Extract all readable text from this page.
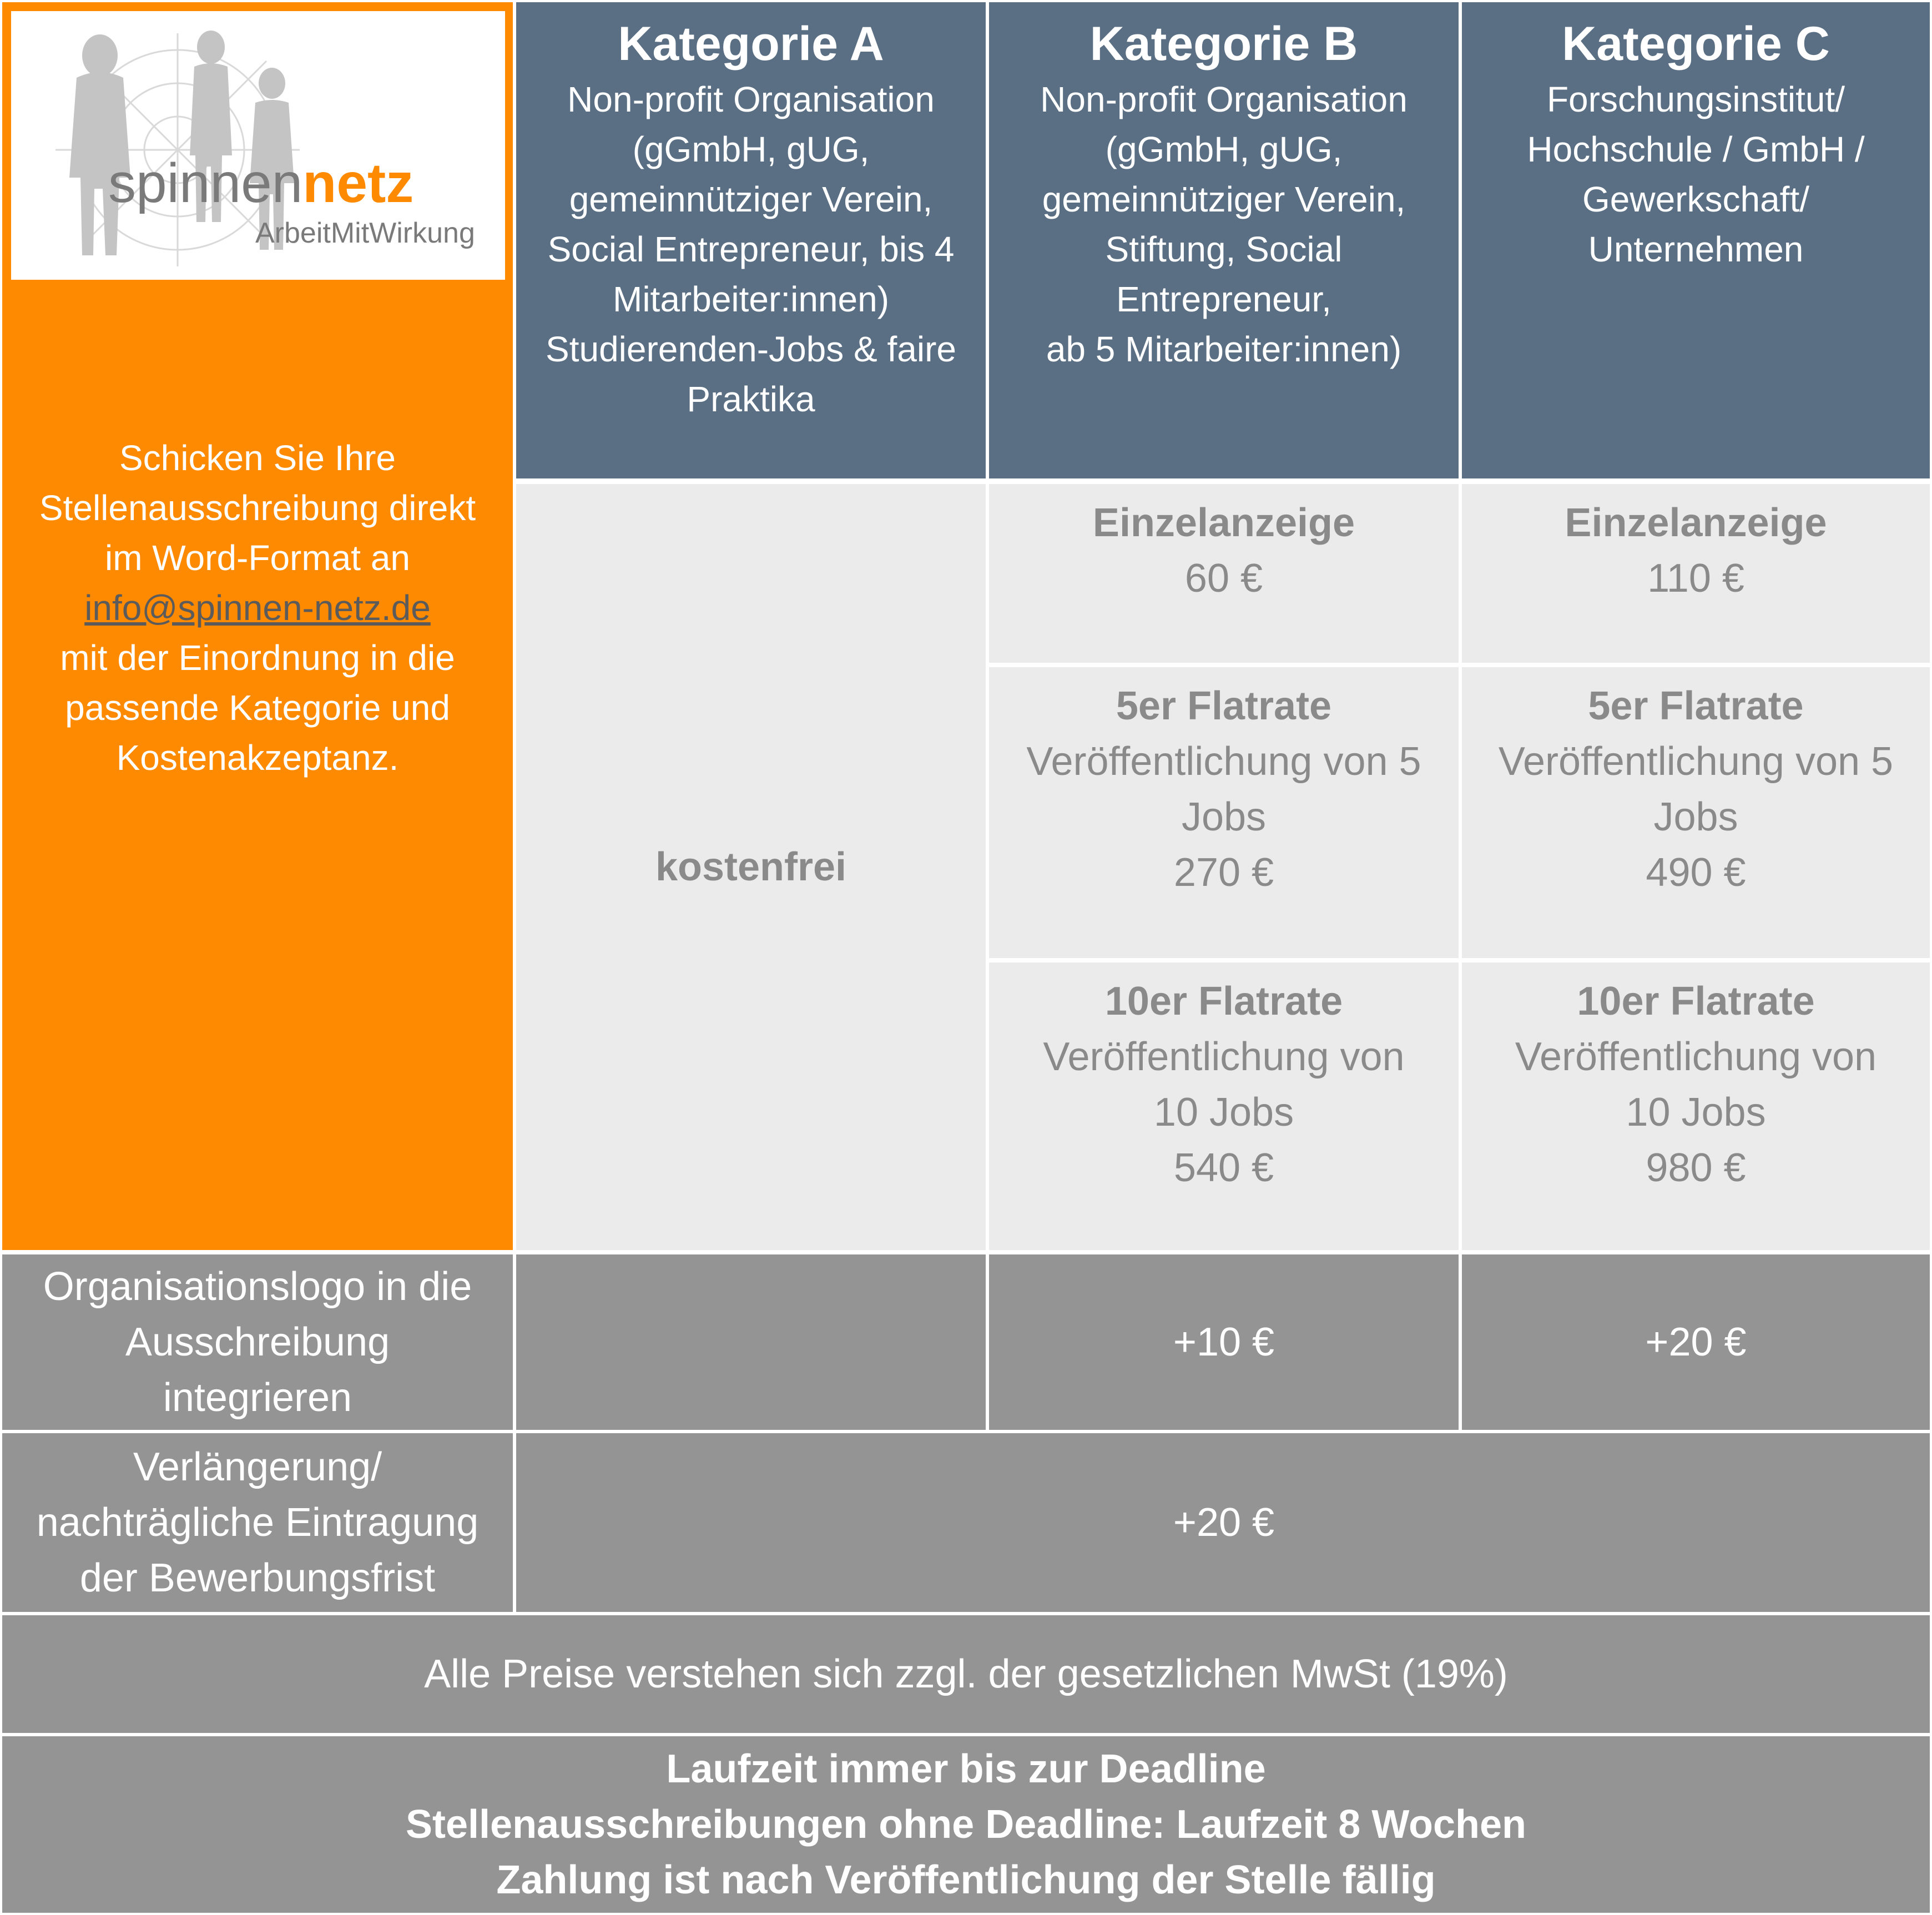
spinnennetz
ArbeitMitWirkung
Schicken Sie Ihre
Stellenausschreibung direkt
im Word-Format an
info@spinnen-netz.de
mit der Einordnung in die
passende Kategorie und
Kostenakzeptanz.
Kategorie A
Non-profit Organisation
(gGmbH, gUG,
gemeinnütziger Verein,
Social Entrepreneur, bis 4
Mitarbeiter:innen)
Studierenden-Jobs & faire
Praktika
Kategorie B
Non-profit Organisation
(gGmbH, gUG,
gemeinnütziger Verein,
Stiftung, Social
Entrepreneur,
ab 5 Mitarbeiter:innen)
Kategorie C
Forschungsinstitut/
Hochschule / GmbH /
Gewerkschaft/
Unternehmen
kostenfrei
Einzelanzeige
60 €
5er Flatrate
Veröffentlichung von 5
Jobs
270 €
10er Flatrate
Veröffentlichung von
10 Jobs
540 €
Einzelanzeige
110 €
5er Flatrate
Veröffentlichung von 5
Jobs
490 €
10er Flatrate
Veröffentlichung von
10 Jobs
980 €
Organisationslogo in die
Ausschreibung
integrieren
+10 €	+20 €
Verlängerung/
nachträgliche Eintragung
der Bewerbungsfrist
+20 €
Alle Preise verstehen sich zzgl. der gesetzlichen MwSt (19%)
Laufzeit immer bis zur Deadline
Stellenausschreibungen ohne Deadline: Laufzeit 8 Wochen
Zahlung ist nach Veröffentlichung der Stelle fällig
